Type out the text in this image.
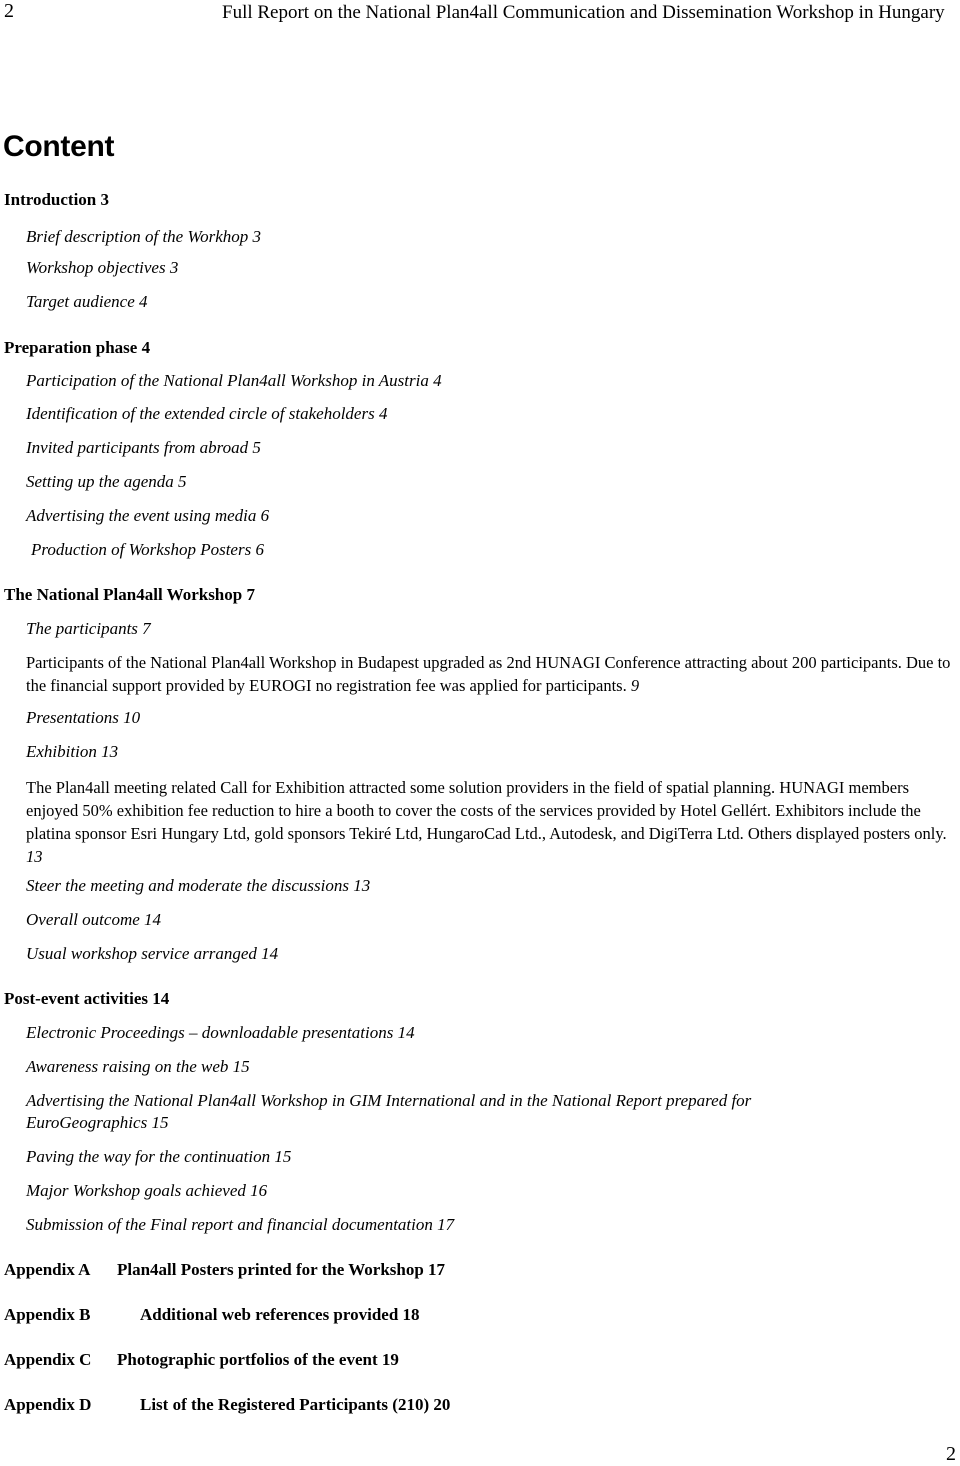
2	Full Report on the National Plan4all Communication and Dissemination Workshop in Hungary
Content
Introduction 3
Brief description of the Workhop 3
Workshop objectives 3
Target audience 4
Preparation phase 4
Participation of the National Plan4all Workshop in Austria 4
Identification of the extended circle of stakeholders 4
Invited participants from abroad 5
Setting up the agenda 5
Advertising the event using media 6
Production of Workshop Posters 6
The National Plan4all Workshop 7
The participants 7
Participants of the National Plan4all Workshop in Budapest upgraded as 2nd HUNAGI Conference attracting about 200 participants. Due to the financial support provided by EUROGI no registration fee was applied for participants. 9
Presentations 10
Exhibition 13
The Plan4all meeting related Call for Exhibition attracted some solution providers in the field of spatial planning. HUNAGI members enjoyed 50% exhibition fee reduction to hire a booth to cover the costs of the services provided by Hotel Gellért. Exhibitors include the platina sponsor Esri Hungary Ltd, gold sponsors Tekiré Ltd, HungaroCad Ltd., Autodesk, and DigiTerra Ltd. Others displayed posters only. 13
Steer the meeting and moderate the discussions 13
Overall outcome 14
Usual workshop service arranged 14
Post-event activities 14
Electronic Proceedings – downloadable presentations 14
Awareness raising on the web 15
Advertising the National Plan4all Workshop in GIM International and in the National Report prepared for
EuroGeographics 15
Paving the way for the continuation 15
Major Workshop goals achieved 16
Submission of the Final report and financial documentation 17
Appendix A Plan4all Posters printed for the Workshop 17
Appendix B	Additional web references provided 18
Appendix C Photographic portfolios of the event 19
Appendix D	List of the Registered Participants (210) 20
2
